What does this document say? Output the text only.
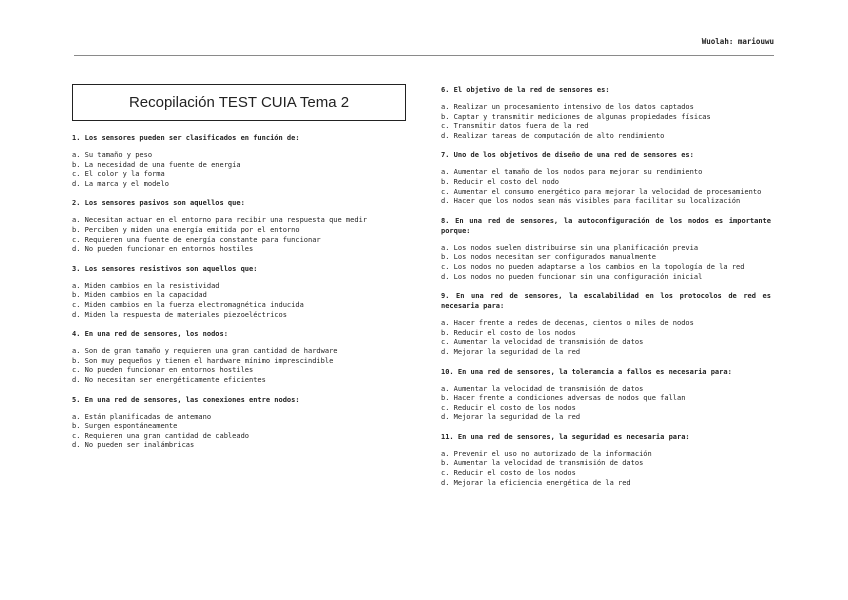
Wuolah: mariouwu
Recopilación TEST CUIA Tema 2
1. Los sensores pueden ser clasificados en función de:
a. Su tamaño y peso
b. La necesidad de una fuente de energía
c. El color y la forma
d. La marca y el modelo
2. Los sensores pasivos son aquellos que:
a. Necesitan actuar en el entorno para recibir una respuesta que medir
b. Perciben y miden una energía emitida por el entorno
c. Requieren una fuente de energía constante para funcionar
d. No pueden funcionar en entornos hostiles
3. Los sensores resistivos son aquellos que:
a. Miden cambios en la resistividad
b. Miden cambios en la capacidad
c. Miden cambios en la fuerza electromagnética inducida
d. Miden la respuesta de materiales piezoeléctricos
4. En una red de sensores, los nodos:
a. Son de gran tamaño y requieren una gran cantidad de hardware
b. Son muy pequeños y tienen el hardware mínimo imprescindible
c. No pueden funcionar en entornos hostiles
d. No necesitan ser energéticamente eficientes
5. En una red de sensores, las conexiones entre nodos:
a. Están planificadas de antemano
b. Surgen espontáneamente
c. Requieren una gran cantidad de cableado
d. No pueden ser inalámbricas
6. El objetivo de la red de sensores es:
a. Realizar un procesamiento intensivo de los datos captados
b. Captar y transmitir mediciones de algunas propiedades físicas
c. Transmitir datos fuera de la red
d. Realizar tareas de computación de alto rendimiento
7. Uno de los objetivos de diseño de una red de sensores es:
a. Aumentar el tamaño de los nodos para mejorar su rendimiento
b. Reducir el costo del nodo
c. Aumentar el consumo energético para mejorar la velocidad de procesamiento
d. Hacer que los nodos sean más visibles para facilitar su localización
8. En una red de sensores, la autoconfiguración de los nodos es importante porque:
a. Los nodos suelen distribuirse sin una planificación previa
b. Los nodos necesitan ser configurados manualmente
c. Los nodos no pueden adaptarse a los cambios en la topología de la red
d. Los nodos no pueden funcionar sin una configuración inicial
9. En una red de sensores, la escalabilidad en los protocolos de red es necesaria para:
a. Hacer frente a redes de decenas, cientos o miles de nodos
b. Reducir el costo de los nodos
c. Aumentar la velocidad de transmisión de datos
d. Mejorar la seguridad de la red
10. En una red de sensores, la tolerancia a fallos es necesaria para:
a. Aumentar la velocidad de transmisión de datos
b. Hacer frente a condiciones adversas de nodos que fallan
c. Reducir el costo de los nodos
d. Mejorar la seguridad de la red
11. En una red de sensores, la seguridad es necesaria para:
a. Prevenir el uso no autorizado de la información
b. Aumentar la velocidad de transmisión de datos
c. Reducir el costo de los nodos
d. Mejorar la eficiencia energética de la red
